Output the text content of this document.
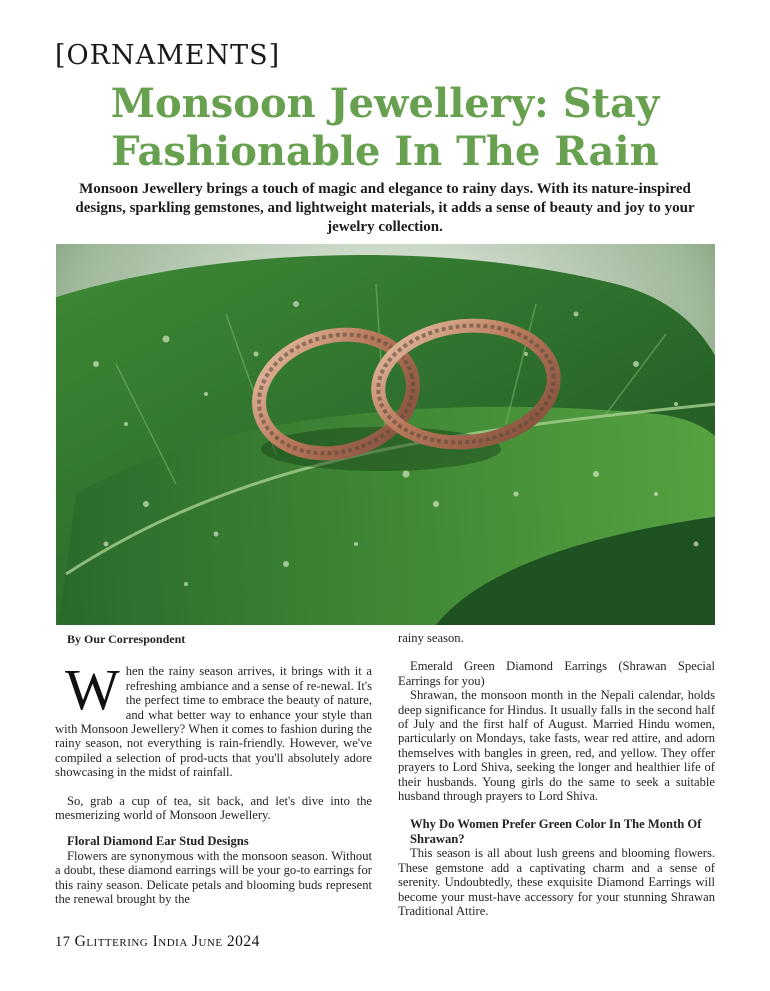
[ORNAMENTS]
Monsoon Jewellery: Stay
Fashionable In The Rain
Monsoon Jewellery brings a touch of magic and elegance to rainy days. With its nature-inspired designs, sparkling gemstones, and lightweight materials, it adds a sense of beauty and joy to your jewelry collection.

By Our Correspondent

When the rainy season arrives, it brings with it a refreshing ambiance and a sense of re-newal. It's the perfect time to embrace the beauty of nature, and what better way to enhance your style than with Monsoon Jewellery? When it comes to fashion during the rainy season, not everything is rain-friendly. However, we've compiled a selection of prod-ucts that you'll absolutely adore showcasing in the midst of rainfall.

So, grab a cup of tea, sit back, and let's dive into the mesmerizing world of Monsoon Jewellery.

Floral Diamond Ear Stud Designs

Flowers are synonymous with the monsoon season. Without a doubt, these diamond earrings will be your go-to earrings for this rainy season. Delicate petals and blooming buds represent the renewal brought by the

rainy season.

Emerald Green Diamond Earrings (Shrawan Special Earrings for you)

Shrawan, the monsoon month in the Nepali calendar, holds deep significance for Hindus. It usually falls in the second half of July and the first half of August. Married Hindu women, particularly on Mondays, take fasts, wear red attire, and adorn themselves with bangles in green, red, and yellow. They offer prayers to Lord Shiva, seeking the longer and healthier life of their husbands. Young girls do the same to seek a suitable husband through prayers to Lord Shiva.

Why Do Women Prefer Green Color In The Month Of Shrawan?

This season is all about lush greens and blooming flowers. These gemstone add a captivating charm and a sense of serenity. Undoubtedly, these exquisite Diamond Earrings will become your must-have accessory for your stunning Shrawan Traditional Attire.

17 Glittering India June 2024
